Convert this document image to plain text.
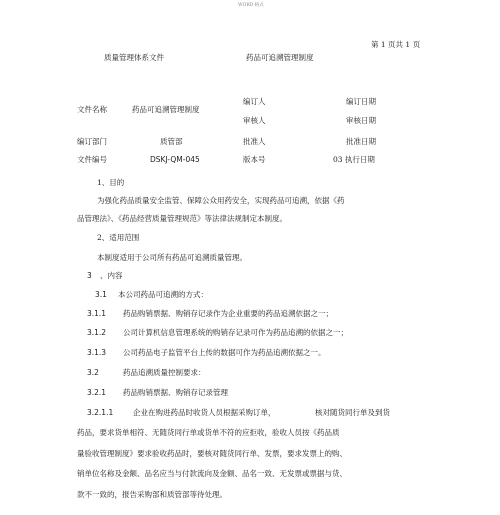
WORD 格式
第 1 页共 1 页
质量管理体系文件	药品可追溯管理制度
编订人	编订日期
文件名称	药品可追溯管理制度
审核人	审核日期
编订部门	质管部	批准人	批准日期
文件编号	DSKJ-QM-045	版本号	03 执行日期
1、目的
为强化药品质量安全监管、保障公众用药安全，实现药品可追溯，依据《药
品管理法》、《药品经营质量管理规范》等法律法规制定本制度。
2、适用范围
本制度适用于公司所有药品可追溯质量管理。
3 、内容
3.1 本公司药品可追溯的方式：
3.1.1 药品购销票据、购销存记录作为企业重要的药品追溯依据之一；
3.1.2 公司计算机信息管理系统的购销存记录可作为药品追溯的依据之一；
3.1.3 公司药品电子监管平台上传的数据可作为药品追溯依据之一。
3.2	药品追溯质量控制要求：
3.2.1 药品购销票据、购销存记录管理
3.2.1.1	企业在购进药品时收货人员根据采购订单，	核对随货同行单及到货
药品，要求货单相符、无随货同行单或货单不符的应拒收，验收人员按《药品质
量验收管理制度》要求验收药品时，要核对随货同行单、发票，要求发票上的购、
销单位名称及金额、品名应当与付款流向及金额、品名一致、无发票或票据与货、
款不一致的，报告采购部和质管部等待处理。
